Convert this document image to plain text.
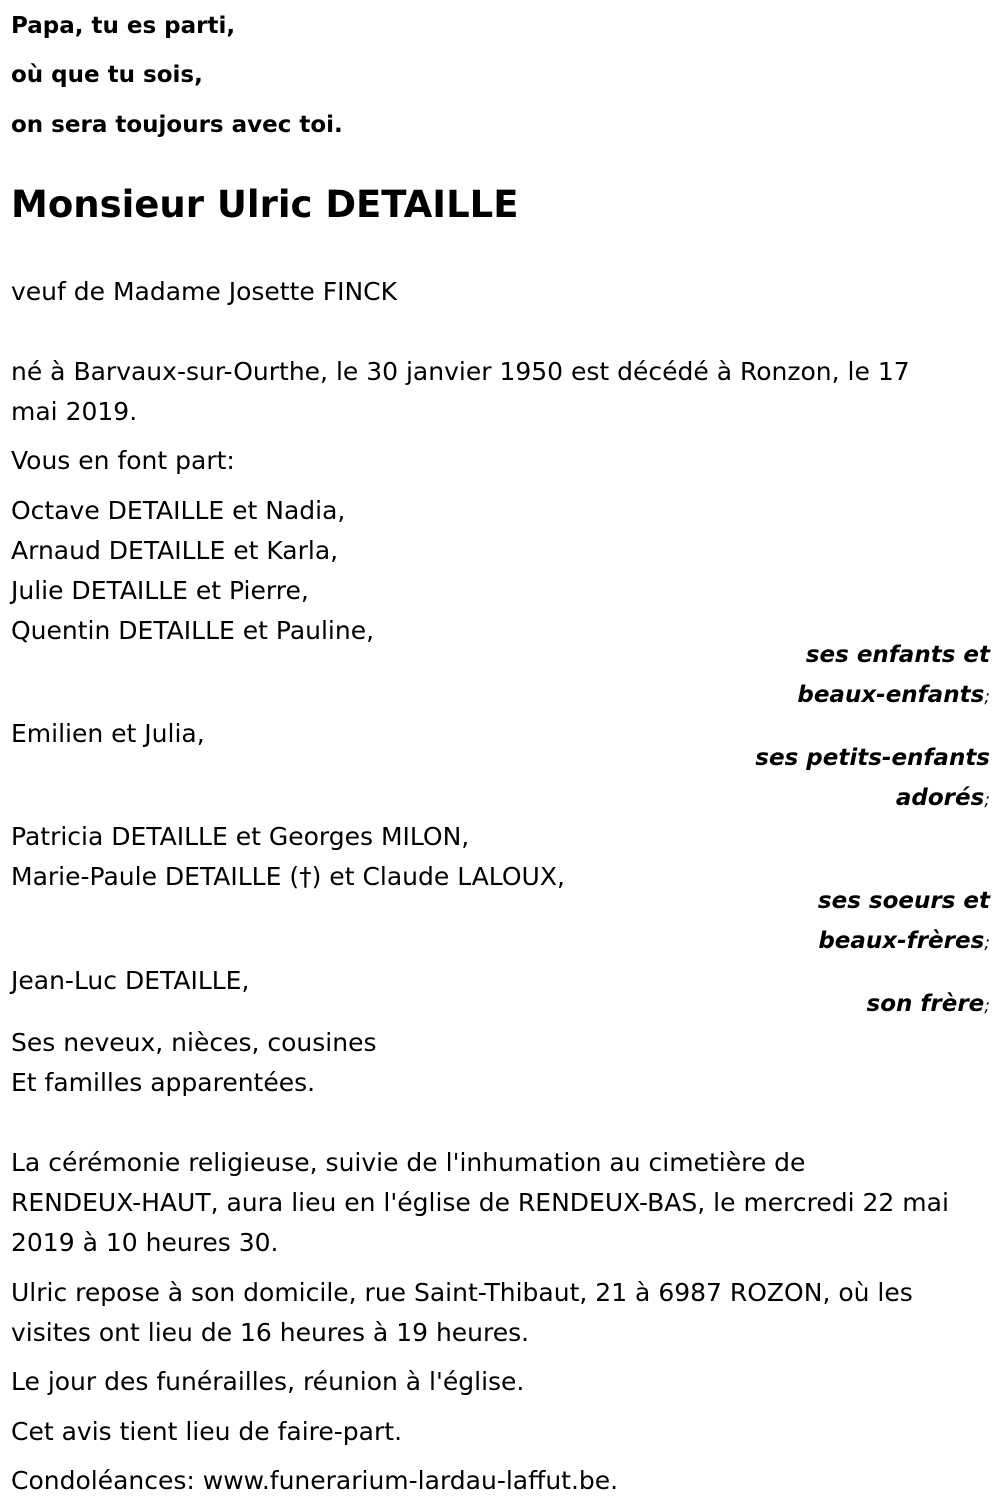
Papa, tu es parti,
où que tu sois,
on sera toujours avec toi.
Monsieur Ulric DETAILLE
veuf de Madame Josette FINCK
né à Barvaux-sur-Ourthe, le 30 janvier 1950 est décédé à Ronzon, le 17
mai 2019.
Vous en font part:
Octave DETAILLE et Nadia,
Arnaud DETAILLE et Karla,
Julie DETAILLE et Pierre,
Quentin DETAILLE et Pauline,
ses enfants et
beaux-enfants;
Emilien et Julia,
ses petits-enfants
adorés;
Patricia DETAILLE et Georges MILON,
Marie-Paule DETAILLE (†) et Claude LALOUX,
ses soeurs et
beaux-frères;
Jean-Luc DETAILLE,
son frère;
Ses neveux, nièces, cousines
Et familles apparentées.
La cérémonie religieuse, suivie de l'inhumation au cimetière de
RENDEUX-HAUT, aura lieu en l'église de RENDEUX-BAS, le mercredi 22 mai
2019 à 10 heures 30.
Ulric repose à son domicile, rue Saint-Thibaut, 21 à 6987 ROZON, où les
visites ont lieu de 16 heures à 19 heures.
Le jour des funérailles, réunion à l'église.
Cet avis tient lieu de faire-part.
Condoléances: www.funerarium-lardau-laffut.be.
